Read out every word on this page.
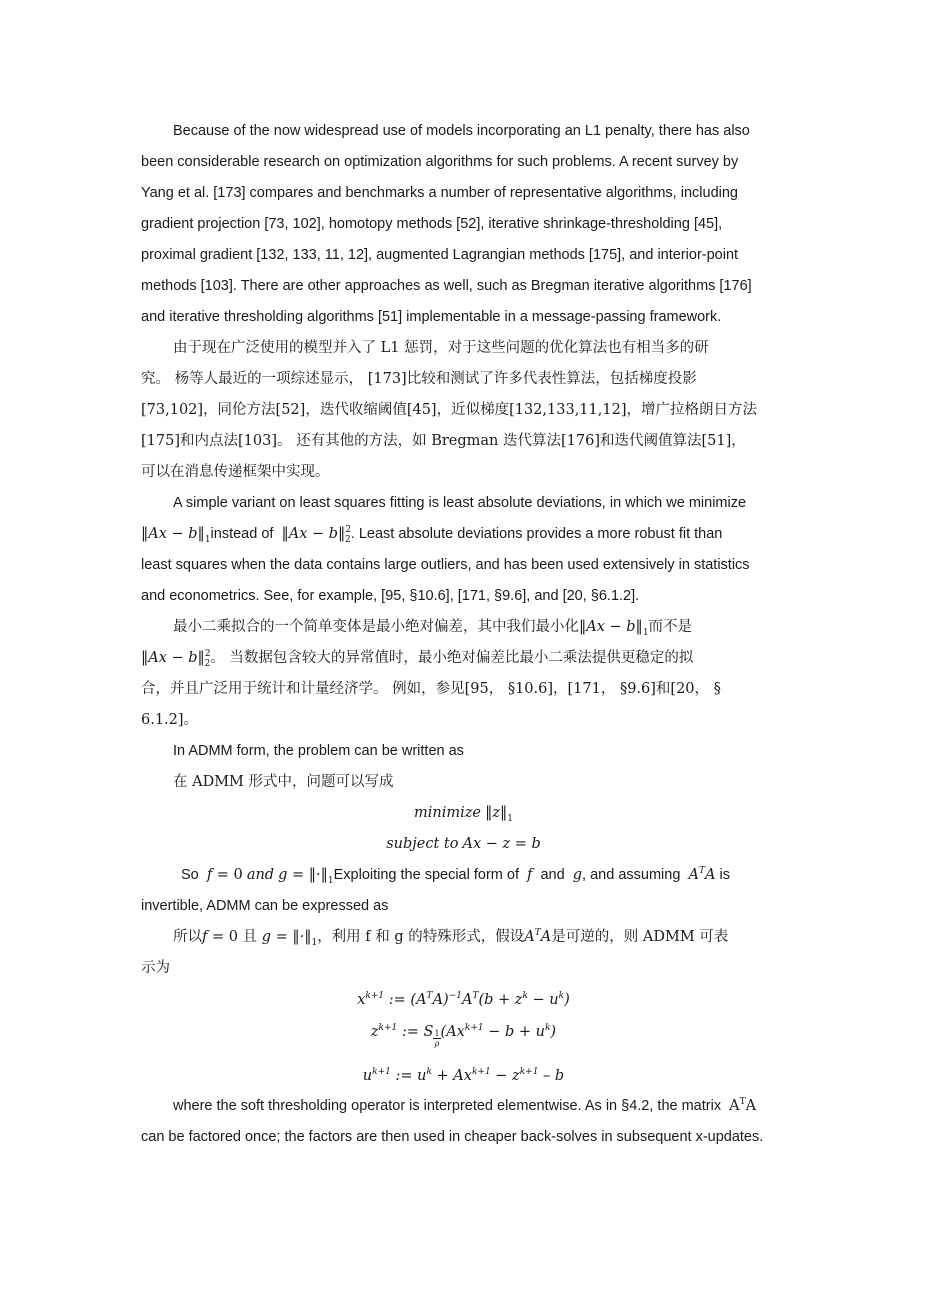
Because of the now widespread use of models incorporating an L1 penalty, there has also
been considerable research on optimization algorithms for such problems. A recent survey by
Yang et al. [173] compares and benchmarks a number of representative algorithms, including
gradient projection [73, 102], homotopy methods [52], iterative shrinkage-thresholding [45],
proximal gradient [132, 133, 11, 12], augmented Lagrangian methods [175], and interior-point
methods [103]. There are other approaches as well, such as Bregman iterative algorithms [176]
and iterative thresholding algorithms [51] implementable in a message-passing framework.
由于现在广泛使用的模型并入了 L1 惩罚，对于这些问题的优化算法也有相当多的研
究。 杨等人最近的一项综述显示， [173]比较和测试了许多代表性算法，包括梯度投影
[73,102]，同伦方法[52]，迭代收缩阈值[45]，近似梯度[132,133,11,12]，增广拉格朗日方法
[175]和内点法[103]。 还有其他的方法，如 Bregman 迭代算法[176]和迭代阈值算法[51]，
可以在消息传递框架中实现。
A simple variant on least squares fitting is least absolute deviations, in which we minimize
‖Ax − $b‖_1instead$ of ‖Ax − b‖$^2_2$. Least absolute deviations provides a more robust fit than
least squares when the data contains large outliers, and has been used extensively in statistics
and econometrics. See, for example, [95, §10.6], [171, §9.6], and [20, §6.1.2].
最小二乘拟合的一个简单变体是最小绝对偏差，其中我们最小化‖Ax − $b‖_1$而不是
‖Ax − b‖$^2_2$。 当数据包含较大的异常值时，最小绝对偏差比最小二乘法提供更稳定的拟
合，并且广泛用于统计和计量经济学。 例如，参见[95， §10.6]，[171， §9.6]和[20， §
6.1.2]。
In ADMM form, the problem can be written as
在 ADMM 形式中，问题可以写成
minimize $‖z‖_1$
subject to Ax − z = b
So f = 0 and $g = ‖\cdot‖_1Exploiting$ the special form of f and g, and assuming $A^TA$ is
invertible, ADMM can be expressed as
所以f = 0 且 $g = ‖\cdot‖_1$，利用 f 和 g 的特殊形式，假设$A^TA$是可逆的，则 ADMM 可表
示为
$x^{k+1}$ := $(A^TA)^{-1}A^T(b + z^k - u^k)$
$z^{k+1}$ := S $\frac{1}{\rho} (Ax^{k+1} - b + u^k)$
$u^{k+1}$ := $u^k + Ax^{k+1} - z^{k+1} - b$
where the soft thresholding operator is interpreted elementwise. As in §4.2, the matrix $A^TA$
can be factored once; the factors are then used in cheaper back-solves in subsequent x-updates.
